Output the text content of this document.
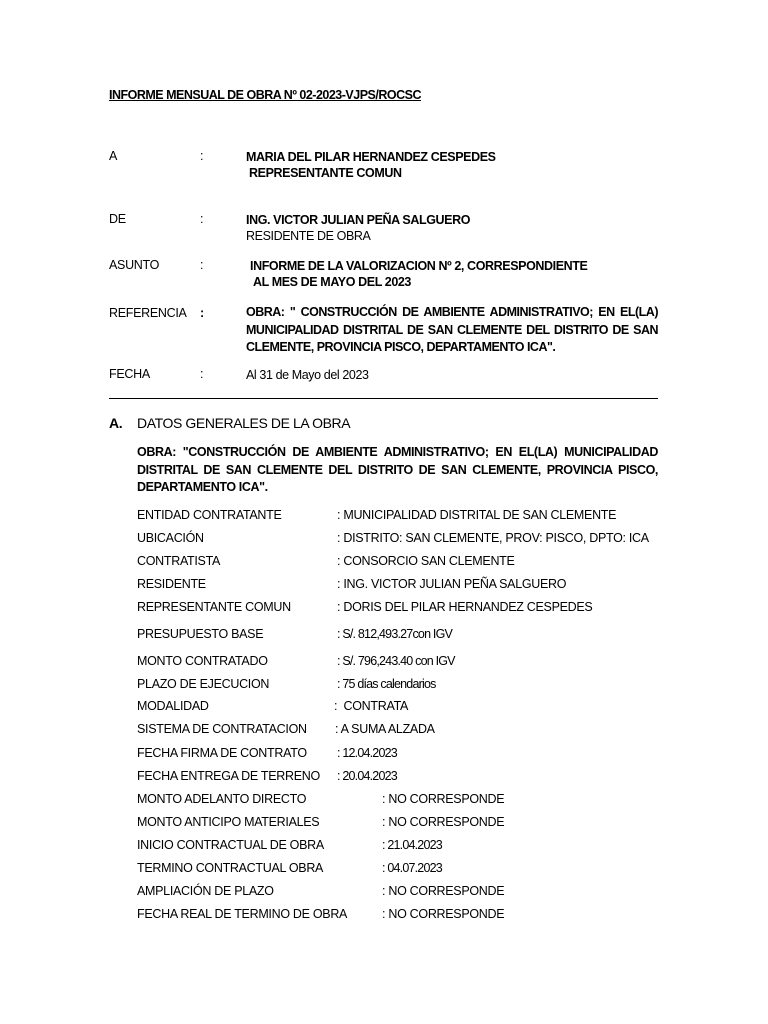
INFORME MENSUAL DE OBRA Nº 02-2023-VJPS/ROCSC
A	:	MARIA DEL PILAR HERNANDEZ CESPEDES
REPRESENTANTE COMUN
DE	:	ING. VICTOR JULIAN PEÑA SALGUERO
RESIDENTE DE OBRA
ASUNTO	:	INFORME DE LA VALORIZACION Nº 2, CORRESPONDIENTE
AL MES DE MAYO DEL 2023
REFERENCIA :	OBRA: " CONSTRUCCIÓN DE AMBIENTE ADMINISTRATIVO; EN EL(LA) MUNICIPALIDAD DISTRITAL DE SAN CLEMENTE DEL DISTRITO DE SAN CLEMENTE, PROVINCIA PISCO, DEPARTAMENTO ICA".
FECHA	:	Al 31 de Mayo del 2023
A. DATOS GENERALES DE LA OBRA
OBRA: "CONSTRUCCIÓN DE AMBIENTE ADMINISTRATIVO; EN EL(LA) MUNICIPALIDAD DISTRITAL DE SAN CLEMENTE DEL DISTRITO DE SAN CLEMENTE, PROVINCIA PISCO, DEPARTAMENTO ICA".
ENTIDAD CONTRATANTE	: MUNICIPALIDAD DISTRITAL DE SAN CLEMENTE
UBICACIÓN	: DISTRITO: SAN CLEMENTE, PROV: PISCO, DPTO: ICA
CONTRATISTA	: CONSORCIO SAN CLEMENTE
RESIDENTE	: ING. VICTOR JULIAN PEÑA SALGUERO
REPRESENTANTE COMUN	: DORIS DEL PILAR HERNANDEZ CESPEDES
PRESUPUESTO BASE	: S/. 812,493.27con IGV
MONTO CONTRATADO	: S/. 796,243.40 con IGV
PLAZO DE EJECUCION	: 75 días calendarios
MODALIDAD	:  CONTRATA
SISTEMA DE CONTRATACION : A SUMA ALZADA
FECHA FIRMA DE CONTRATO : 12.04.2023
FECHA ENTREGA DE TERRENO : 20.04.2023
MONTO ADELANTO DIRECTO	: NO CORRESPONDE
MONTO ANTICIPO MATERIALES	: NO CORRESPONDE
INICIO CONTRACTUAL DE OBRA	: 21.04.2023
TERMINO CONTRACTUAL OBRA	: 04.07.2023
AMPLIACIÓN DE PLAZO	: NO CORRESPONDE
FECHA REAL DE TERMINO DE OBRA	: NO CORRESPONDE
